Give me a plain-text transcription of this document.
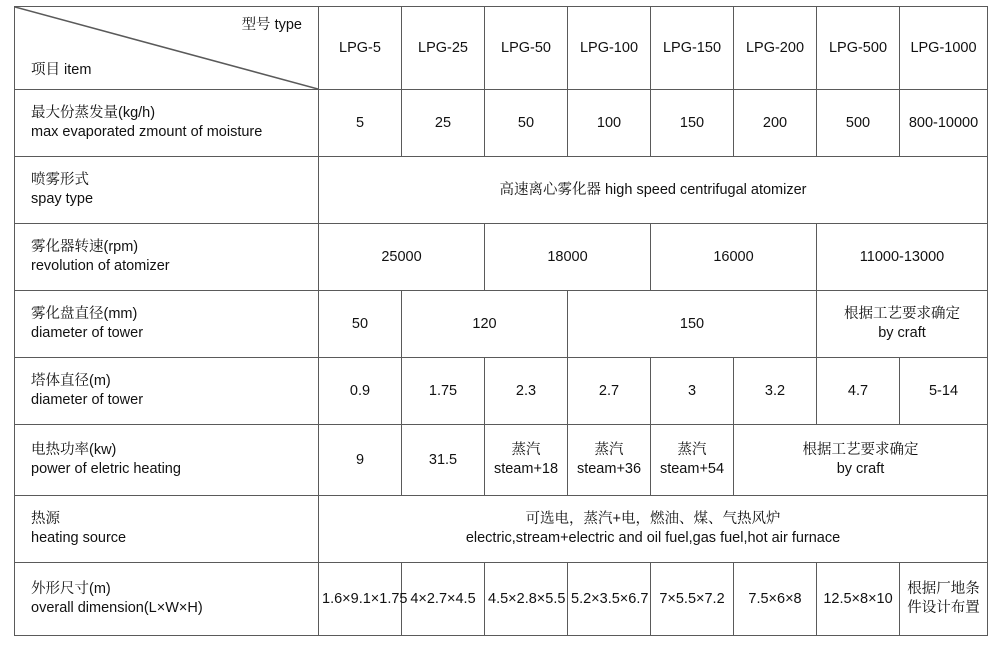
型号 type
项目 item	LPG-5	LPG-25	LPG-50	LPG-100	LPG-150	LPG-200	LPG-500	LPG-1000

最大份蒸发量(kg/h)
max evaporated zmount of moisture	5	25	50	100	150	200	500	800-10000

喷雾形式
spay type	高速离心雾化器 high speed centrifugal atomizer							

雾化器转速(rpm)
revolution of atomizer	25000		18000		16000		11000-13000	

雾化盘直径(mm)
diameter of tower	50	120		150			根据工艺要求确定
by craft	

塔体直径(m)
diameter of tower	0.9	1.75	2.3	2.7	3	3.2	4.7	5-14

电热功率(kw)
power of eletric heating	9	31.5	蒸汽
steam+18	蒸汽
steam+36	蒸汽
steam+54	根据工艺要求确定
by craft		

热源
heating source	可选电，蒸汽+电，燃油、煤、气热风炉
electric,stream+electric and oil fuel,gas fuel,hot air furnace							

外形尺寸(m)
overall dimension(L×W×H)	1.6×9.1×1.75	4×2.7×4.5	4.5×2.8×5.5	5.2×3.5×6.7	7×5.5×7.2	7.5×6×8	12.5×8×10	根据厂地条
件设计布置
